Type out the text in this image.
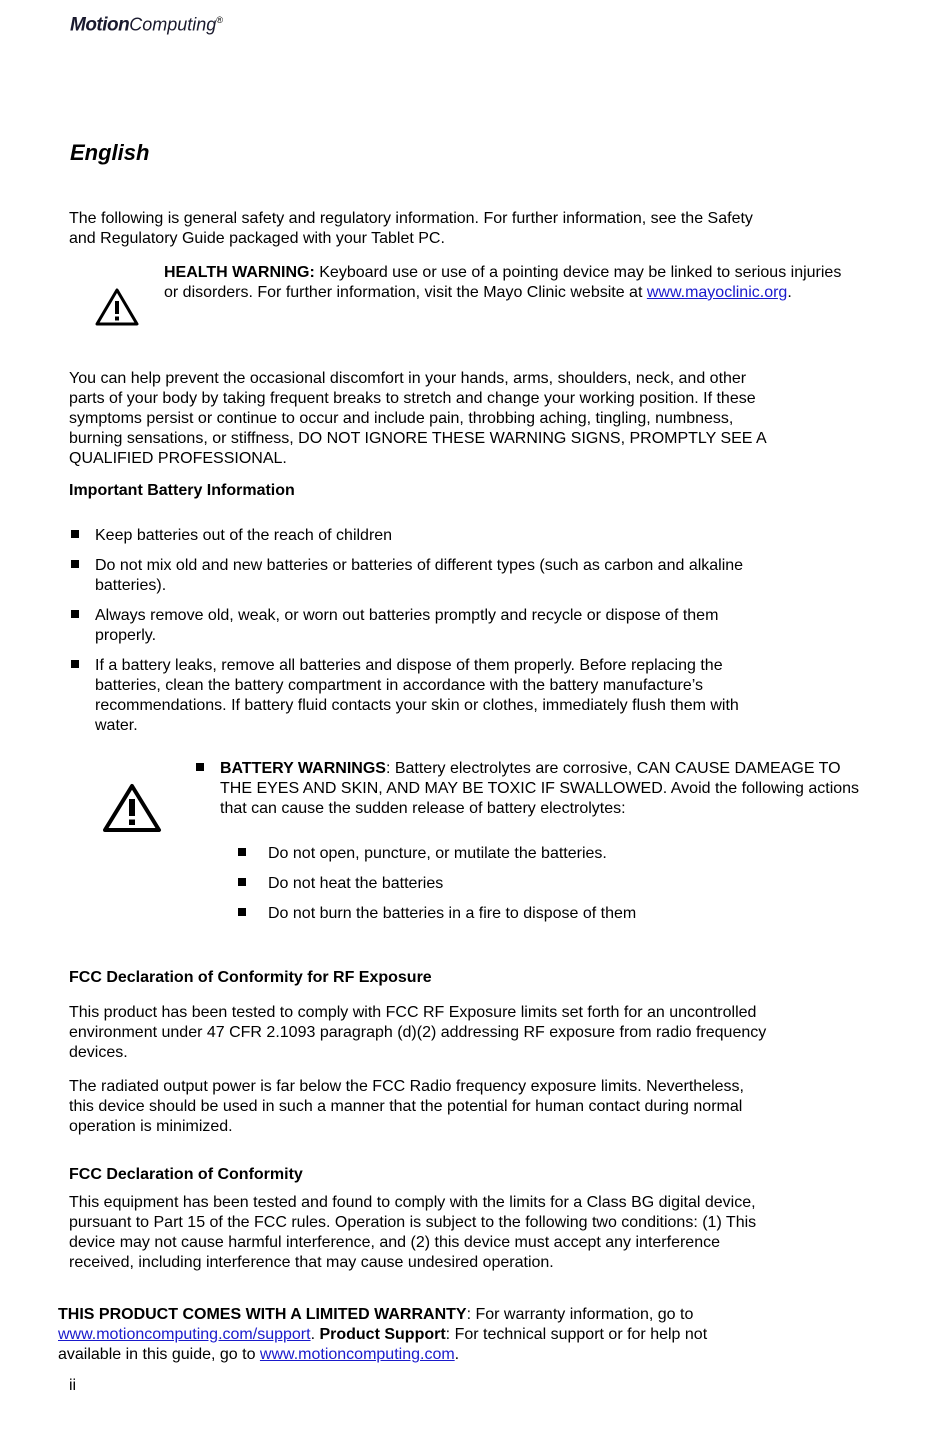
MotionComputing®
English

The following is general safety and regulatory information. For further information, see the Safety and Regulatory Guide packaged with your Tablet PC.

HEALTH WARNING: Keyboard use or use of a pointing device may be linked to serious injuries or disorders. For further information, visit the Mayo Clinic website at www.mayoclinic.org.

You can help prevent the occasional discomfort in your hands, arms, shoulders, neck, and other parts of your body by taking frequent breaks to stretch and change your working position. If these symptoms persist or continue to occur and include pain, throbbing aching, tingling, numbness, burning sensations, or stiffness, DO NOT IGNORE THESE WARNING SIGNS, PROMPTLY SEE A QUALIFIED PROFESSIONAL.

Important Battery Information

Keep batteries out of the reach of children

Do not mix old and new batteries or batteries of different types (such as carbon and alkaline batteries).

Always remove old, weak, or worn out batteries promptly and recycle or dispose of them properly.

If a battery leaks, remove all batteries and dispose of them properly. Before replacing the batteries, clean the battery compartment in accordance with the battery manufacture’s recommendations. If battery fluid contacts your skin or clothes, immediately flush them with water.

BATTERY WARNINGS: Battery electrolytes are corrosive, CAN CAUSE DAMEAGE TO THE EYES AND SKIN, AND MAY BE TOXIC IF SWALLOWED. Avoid the following actions that can cause the sudden release of battery electrolytes:

Do not open, puncture, or mutilate the batteries.

Do not heat the batteries

Do not burn the batteries in a fire to dispose of them

FCC Declaration of Conformity for RF Exposure

This product has been tested to comply with FCC RF Exposure limits set forth for an uncontrolled environment under 47 CFR 2.1093 paragraph (d)(2) addressing RF exposure from radio frequency devices.

The radiated output power is far below the FCC Radio frequency exposure limits. Nevertheless, this device should be used in such a manner that the potential for human contact during normal operation is minimized.

FCC Declaration of Conformity

This equipment has been tested and found to comply with the limits for a Class BG digital device, pursuant to Part 15 of the FCC rules. Operation is subject to the following two conditions: (1) This device may not cause harmful interference, and (2) this device must accept any interference received, including interference that may cause undesired operation.

THIS PRODUCT COMES WITH A LIMITED WARRANTY: For warranty information, go to www.motioncomputing.com/support. Product Support: For technical support or for help not available in this guide, go to www.motioncomputing.com.

ii
